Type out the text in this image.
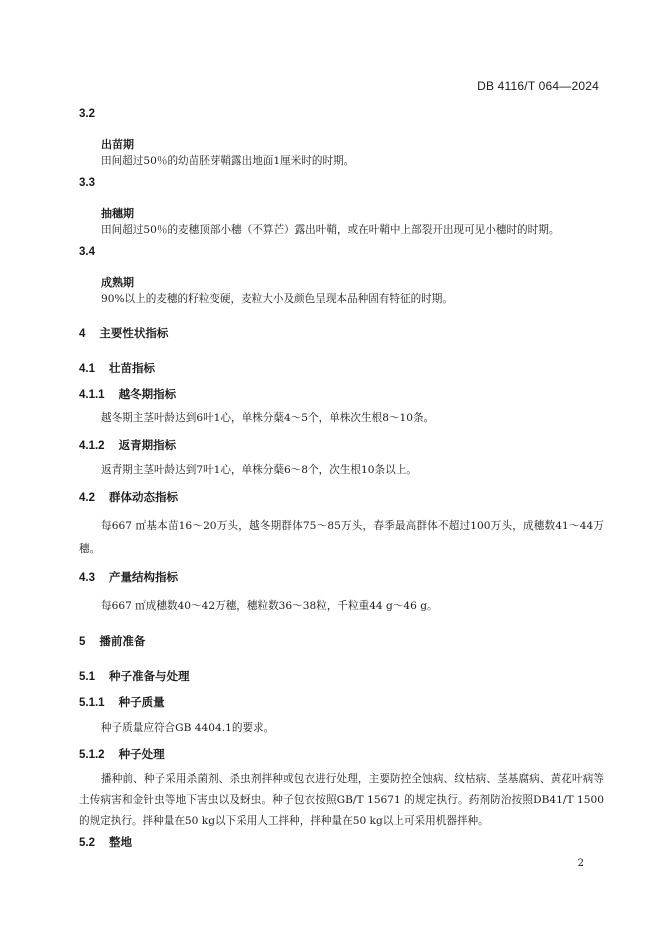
DB 4116/T 064—2024
3.2
出苗期
田间超过50％的幼苗胚芽鞘露出地面1厘米时的时期。
3.3
抽穗期
田间超过50％的麦穗顶部小穗（不算芒）露出叶鞘，或在叶鞘中上部裂开出现可见小穗时的时期。
3.4
成熟期
90%以上的麦穗的籽粒变硬，麦粒大小及颜色呈现本品种固有特征的时期。
4 主要性状指标
4.1 壮苗指标
4.1.1 越冬期指标
越冬期主茎叶龄达到6叶1心，单株分蘖4～5个，单株次生根8～10条。
4.1.2 返青期指标
返青期主茎叶龄达到7叶1心，单株分蘖6～8个，次生根10条以上。
4.2 群体动态指标
每667 ㎡基本苗16～20万头，越冬期群体75～85万头，春季最高群体不超过100万头，成穗数41～44万穗。
4.3 产量结构指标
每667 ㎡成穗数40～42万穗，穗粒数36～38粒，千粒重44 g～46 g。
5 播前准备
5.1 种子准备与处理
5.1.1 种子质量
种子质量应符合GB 4404.1的要求。
5.1.2 种子处理
播种前、种子采用杀菌剂、杀虫剂拌种或包衣进行处理，主要防控全蚀病、纹枯病、茎基腐病、黄花叶病等土传病害和金针虫等地下害虫以及蚜虫。种子包衣按照GB/T 15671 的规定执行。药剂防治按照DB41/T 1500 的规定执行。拌种量在50 kg以下采用人工拌种，拌种量在50 kg以上可采用机器拌种。
5.2 整地
2
